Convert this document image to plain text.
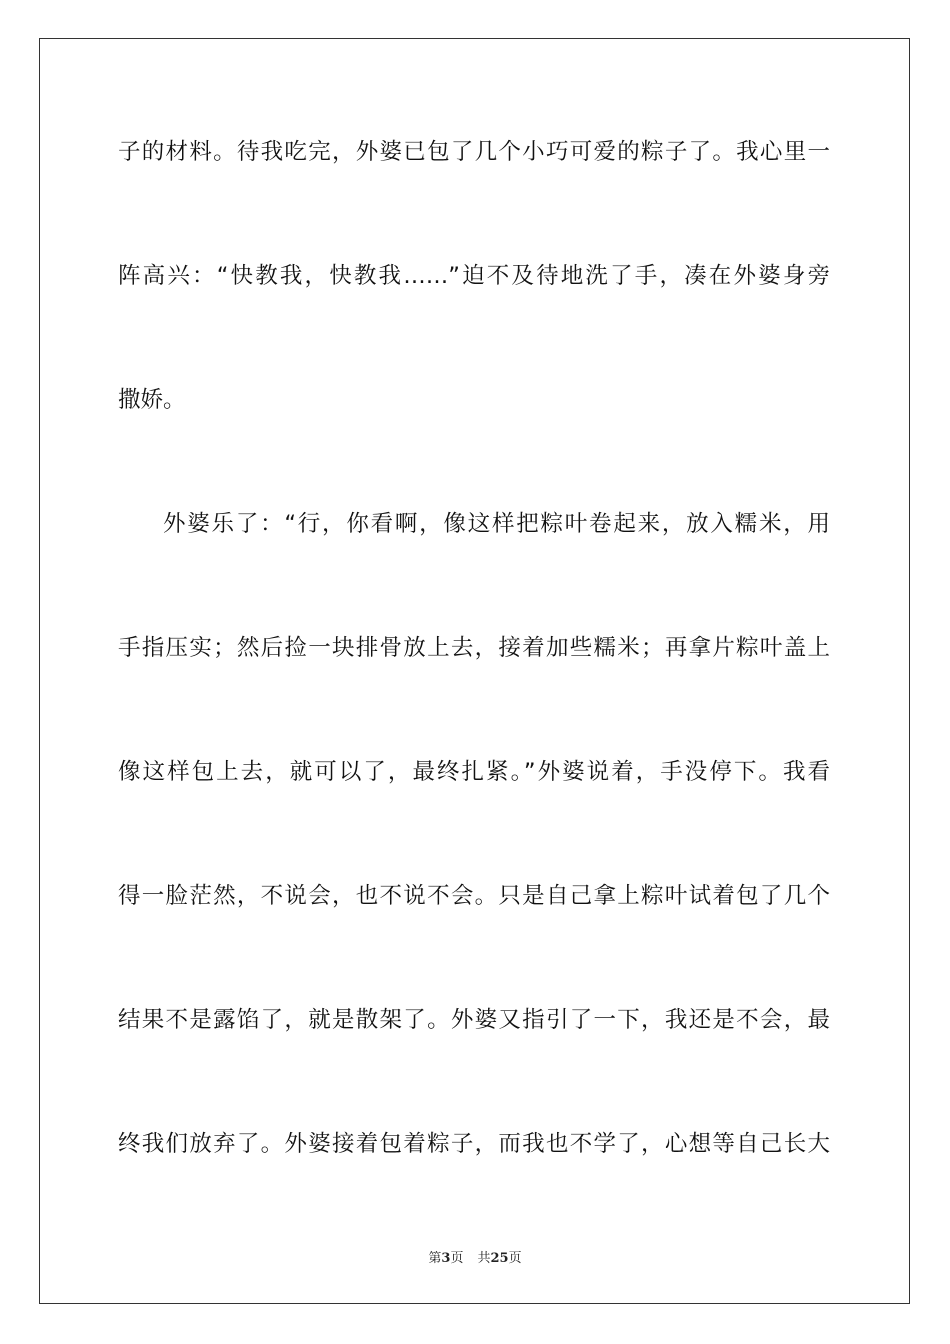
子的材料。待我吃完，外婆已包了几个小巧可爱的粽子了。我心里一
阵高兴：“快教我，快教我……”迫不及待地洗了手，凑在外婆身旁
撒娇。
外婆乐了：“行，你看啊，像这样把粽叶卷起来，放入糯米，用
手指压实；然后捡一块排骨放上去，接着加些糯米；再拿片粽叶盖上
像这样包上去，就可以了，最终扎紧。”外婆说着，手没停下。我看
得一脸茫然，不说会，也不说不会。只是自己拿上粽叶试着包了几个
结果不是露馅了，就是散架了。外婆又指引了一下，我还是不会，最
终我们放弃了。外婆接着包着粽子，而我也不学了，心想等自己长大
第3页 共25页
